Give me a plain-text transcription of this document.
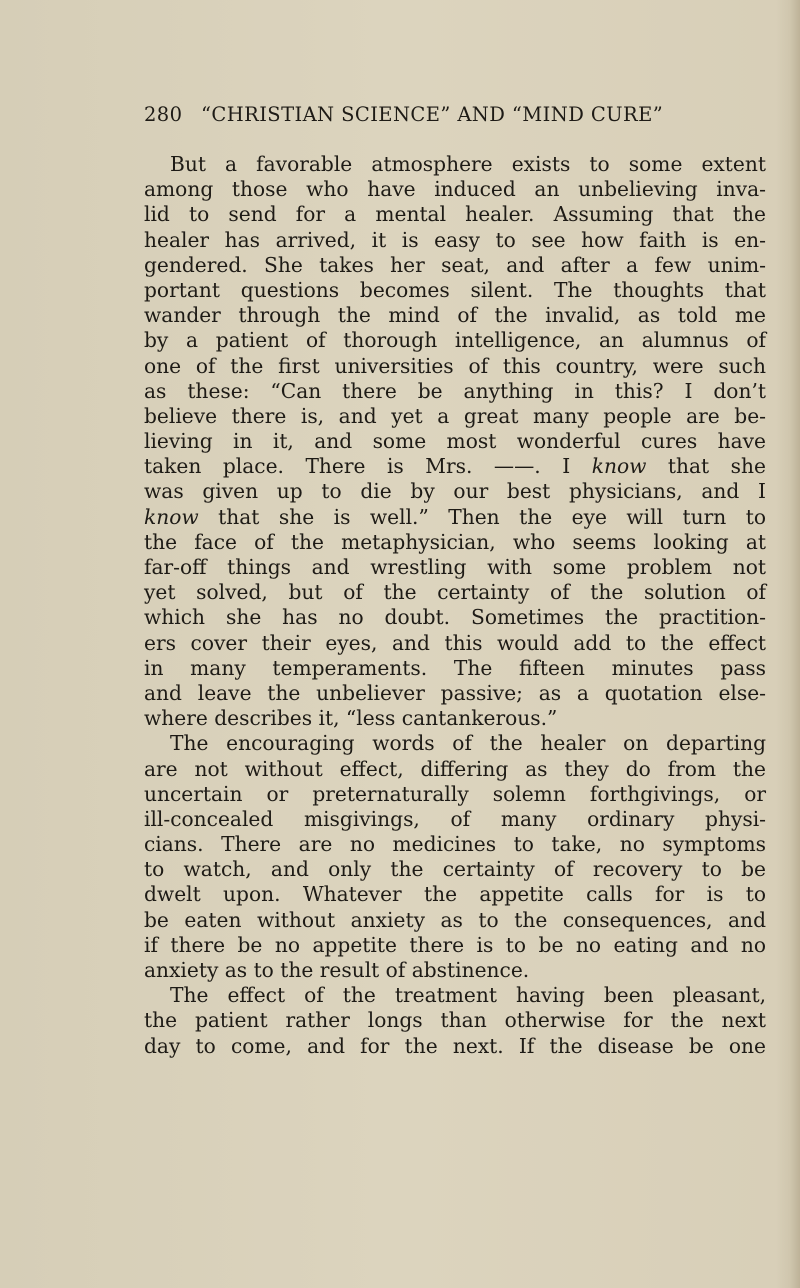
280 “CHRISTIAN SCIENCE” AND “MIND CURE”
But a favorable atmosphere exists to some extent
among those who have induced an unbelieving inva-
lid to send for a mental healer. Assuming that the
healer has arrived, it is easy to see how faith is en-
gendered. She takes her seat, and after a few unim-
portant questions becomes silent. The thoughts that
wander through the mind of the invalid, as told me
by a patient of thorough intelligence, an alumnus of
one of the first universities of this country, were such
as these: “Can there be anything in this? I don’t
believe there is, and yet a great many people are be-
lieving in it, and some most wonderful cures have
taken place. There is Mrs. ——. I know that she
was given up to die by our best physicians, and I
know that she is well.” Then the eye will turn to
the face of the metaphysician, who seems looking at
far-off things and wrestling with some problem not
yet solved, but of the certainty of the solution of
which she has no doubt. Sometimes the practition-
ers cover their eyes, and this would add to the effect
in many temperaments. The fifteen minutes pass
and leave the unbeliever passive; as a quotation else-
where describes it, “less cantankerous.”
The encouraging words of the healer on departing
are not without effect, differing as they do from the
uncertain or preternaturally solemn forthgivings, or
ill-concealed misgivings, of many ordinary physi-
cians. There are no medicines to take, no symptoms
to watch, and only the certainty of recovery to be
dwelt upon. Whatever the appetite calls for is to
be eaten without anxiety as to the consequences, and
if there be no appetite there is to be no eating and no
anxiety as to the result of abstinence.
The effect of the treatment having been pleasant,
the patient rather longs than otherwise for the next
day to come, and for the next. If the disease be one
